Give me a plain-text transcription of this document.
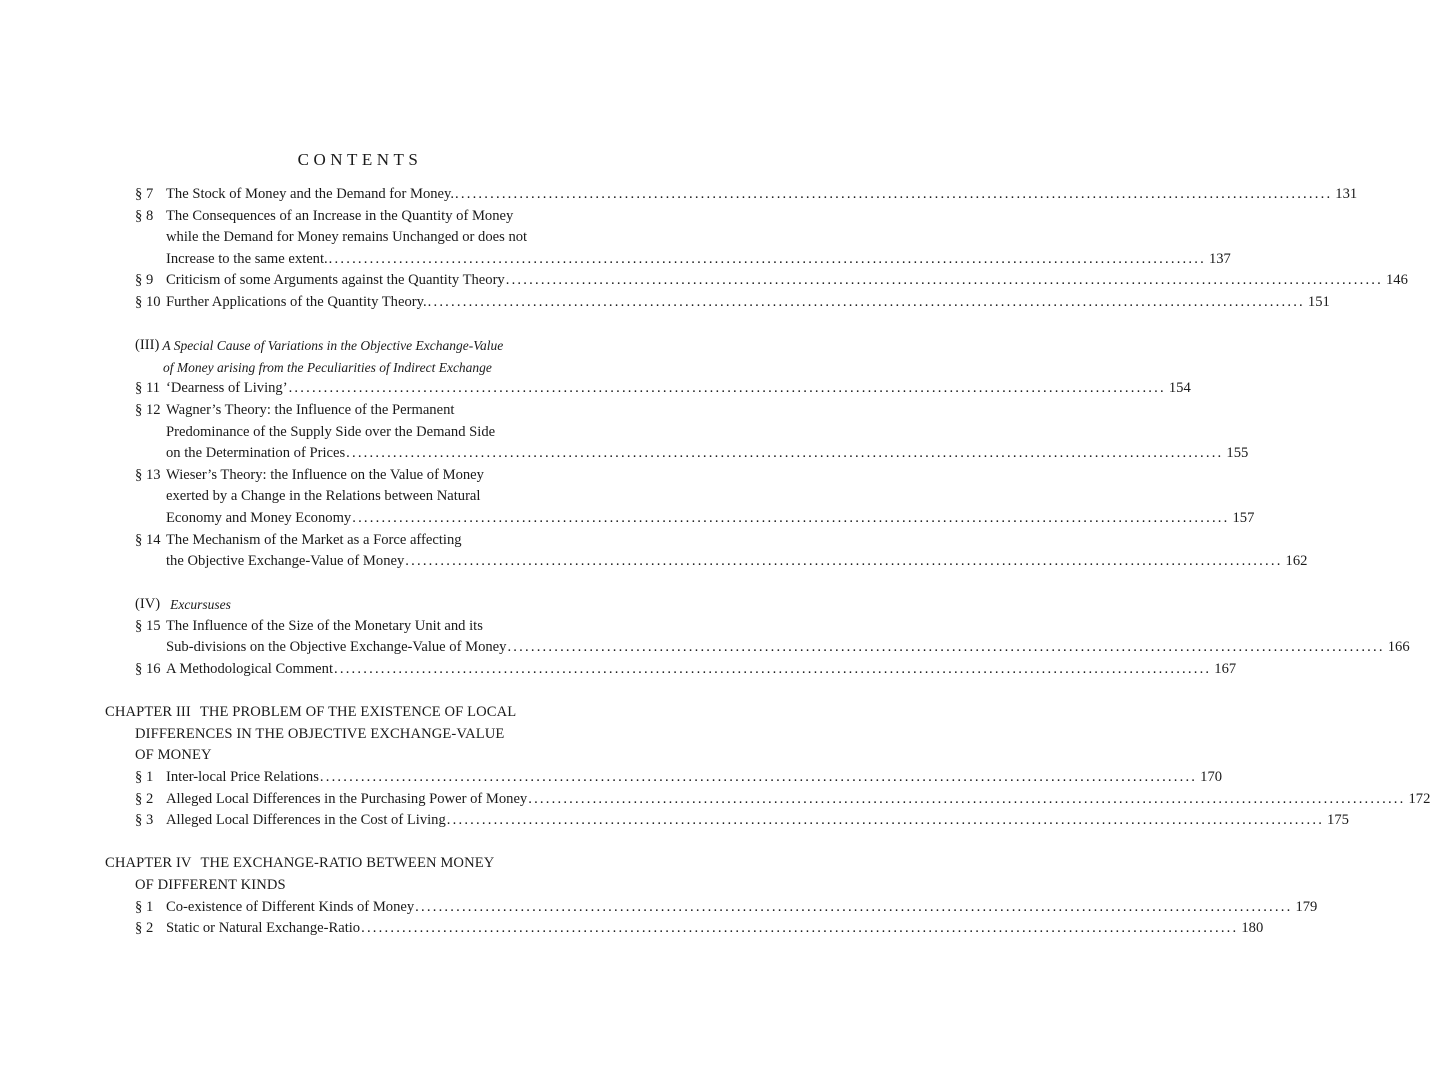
CONTENTS
§ 7 The Stock of Money and the Demand for Money. ...................................................................................................................................................... 131
§ 8 The Consequences of an Increase in the Quantity of Money
while the Demand for Money remains Unchanged or does not
Increase to the same extent. ...................................................................................................................................................... 137
§ 9 Criticism of some Arguments against the Quantity Theory ...................................................................................................................................................... 146
§ 10 Further Applications of the Quantity Theory. ...................................................................................................................................................... 151
(III) A Special Cause of Variations in the Objective Exchange-Value
of Money arising from the Peculiarities of Indirect Exchange
§ 11 ‘Dearness of Living’ ...................................................................................................................................................... 154
§ 12 Wagner’s Theory: the Influence of the Permanent
Predominance of the Supply Side over the Demand Side
on the Determination of Prices ...................................................................................................................................................... 155
§ 13 Wieser’s Theory: the Influence on the Value of Money
exerted by a Change in the Relations between Natural
Economy and Money Economy ...................................................................................................................................................... 157
§ 14 The Mechanism of the Market as a Force affecting
the Objective Exchange-Value of Money ...................................................................................................................................................... 162
(IV) Excursuses
§ 15 The Influence of the Size of the Monetary Unit and its
Sub-divisions on the Objective Exchange-Value of Money ...................................................................................................................................................... 166
§ 16 A Methodological Comment ...................................................................................................................................................... 167
CHAPTER III THE PROBLEM OF THE EXISTENCE OF LOCAL
DIFFERENCES IN THE OBJECTIVE EXCHANGE-VALUE
OF MONEY
§ 1 Inter-local Price Relations ...................................................................................................................................................... 170
§ 2 Alleged Local Differences in the Purchasing Power of Money ...................................................................................................................................................... 172
§ 3 Alleged Local Differences in the Cost of Living ...................................................................................................................................................... 175
CHAPTER IV THE EXCHANGE-RATIO BETWEEN MONEY
OF DIFFERENT KINDS
§ 1 Co-existence of Different Kinds of Money ...................................................................................................................................................... 179
§ 2 Static or Natural Exchange-Ratio ...................................................................................................................................................... 180
